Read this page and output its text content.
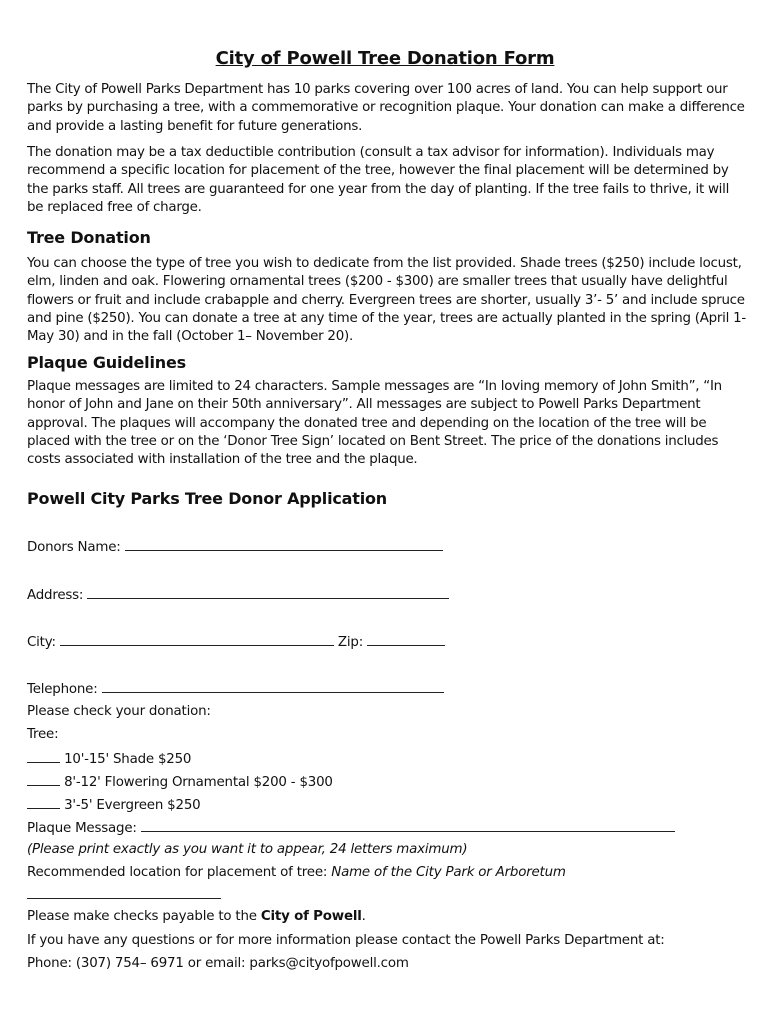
City of Powell Tree Donation Form

The City of Powell Parks Department has 10 parks covering over 100 acres of land. You can help support our parks by purchasing a tree, with a commemorative or recognition plaque. Your donation can make a difference and provide a lasting benefit for future generations.

The donation may be a tax deductible contribution (consult a tax advisor for information). Individuals may recommend a specific location for placement of the tree, however the final placement will be determined by the parks staff. All trees are guaranteed for one year from the day of planting. If the tree fails to thrive, it will be replaced free of charge.

Tree Donation

You can choose the type of tree you wish to dedicate from the list provided. Shade trees ($250) include locust, elm, linden and oak. Flowering ornamental trees ($200 - $300) are smaller trees that usually have delightful flowers or fruit and include crabapple and cherry. Evergreen trees are shorter, usually 3’- 5’ and include spruce and pine ($250). You can donate a tree at any time of the year, trees are actually planted in the spring (April 1-May 30) and in the fall (October 1– November 20).

Plaque Guidelines

Plaque messages are limited to 24 characters. Sample messages are “In loving memory of John Smith”, “In honor of John and Jane on their 50th anniversary”. All messages are subject to Powell Parks Department approval. The plaques will accompany the donated tree and depending on the location of the tree will be placed with the tree or on the ‘Donor Tree Sign’ located on Bent Street. The price of the donations includes costs associated with installation of the tree and the plaque.

Powell City Parks Tree Donor Application
Donors Name:
Address:
City:	Zip:
Telephone:
Please check your donation:
Tree:
10'-15' Shade $250
8'-12' Flowering Ornamental $200 - $300
3'-5' Evergreen $250
Plaque Message:
(Please print exactly as you want it to appear, 24 letters maximum)
Recommended location for placement of tree: Name of the City Park or Arboretum
Please make checks payable to the City of Powell.
If you have any questions or for more information please contact the Powell Parks Department at:
Phone: (307) 754– 6971 or email: parks@cityofpowell.com
